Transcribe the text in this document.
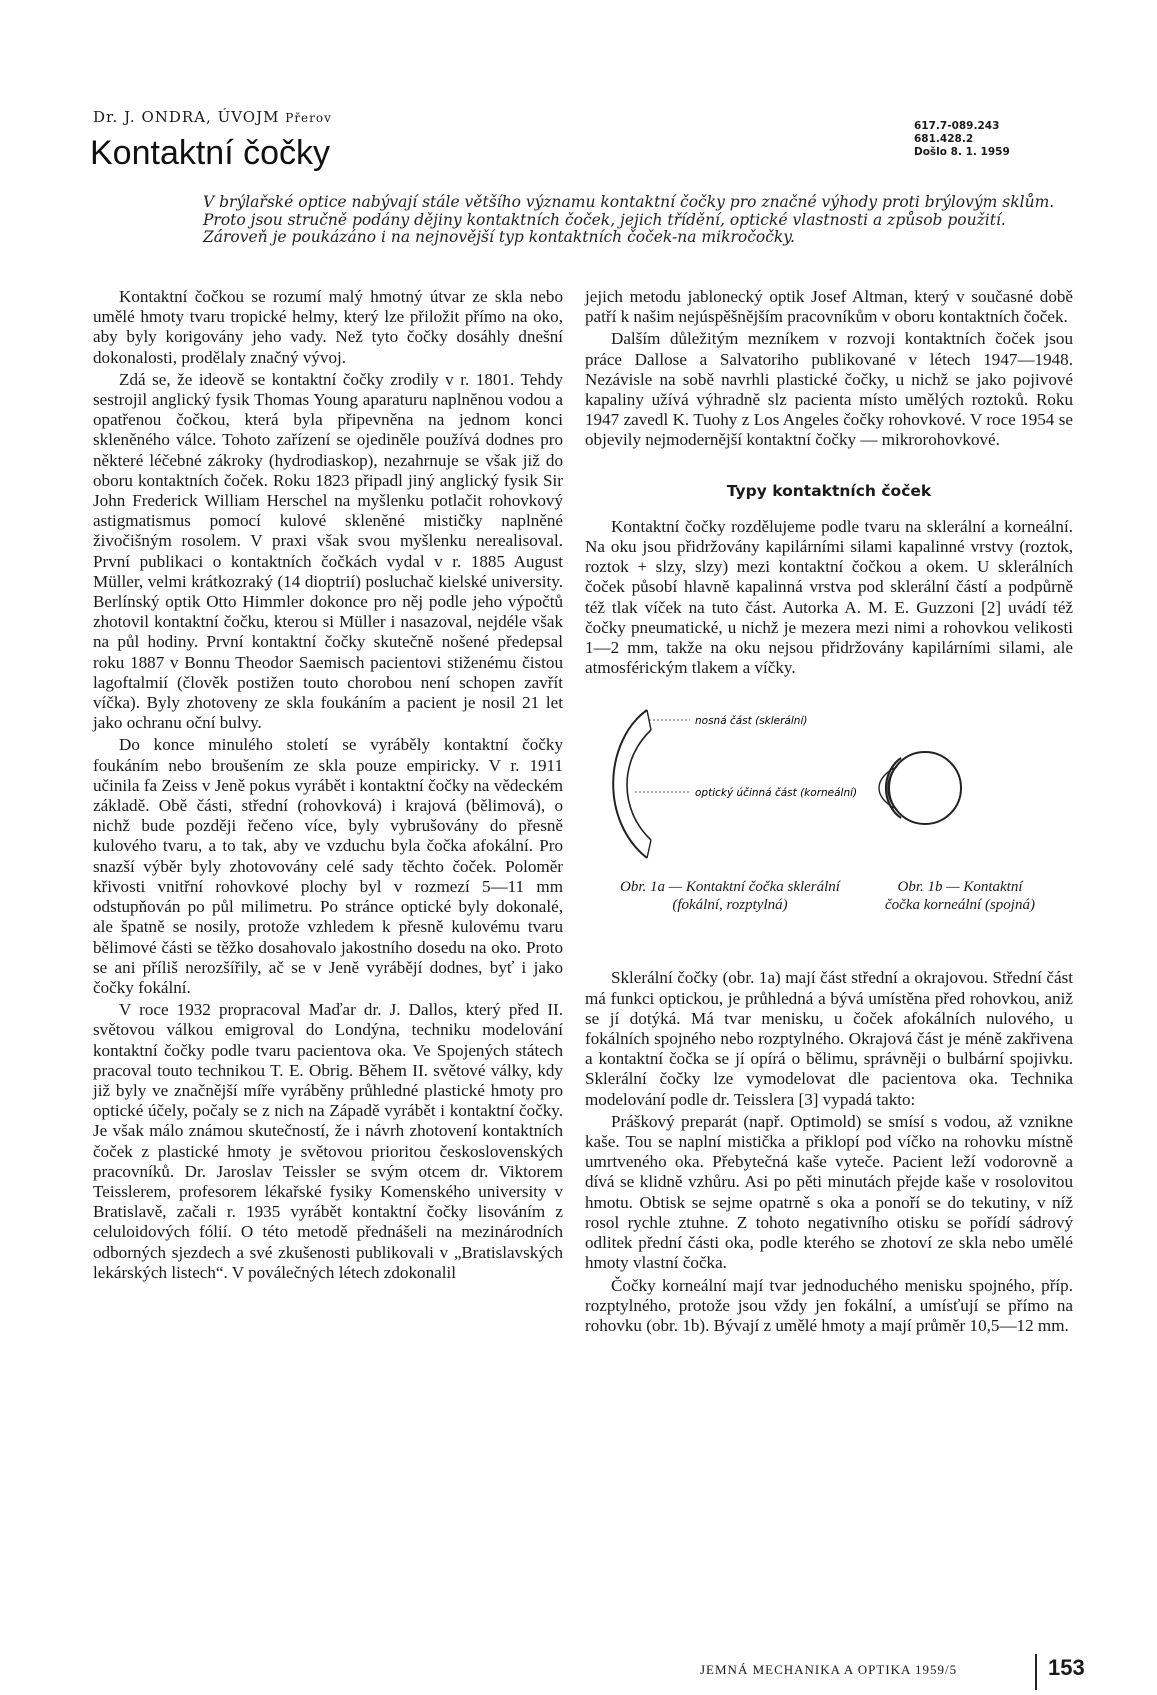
Dr. J. ONDRA, ÚVOJM Přerov
Kontaktní čočky
617.7-089.243
681.428.2
Došlo 8. 1. 1959
V brýlařské optice nabývají stále většího významu kontaktní čočky pro značné výhody proti brýlovým sklům. Proto jsou stručně podány dějiny kontaktních čoček, jejich třídění, optické vlastnosti a způsob použití. Zároveň je poukázáno i na nejnovější typ kontaktních čoček-na mikročočky.

Kontaktní čočkou se rozumí malý hmotný útvar ze skla nebo umělé hmoty tvaru tropické helmy, který lze přiložit přímo na oko, aby byly korigovány jeho vady. Než tyto čočky dosáhly dnešní dokonalosti, prodělaly značný vývoj.

Zdá se, že ideově se kontaktní čočky zrodily v r. 1801. Tehdy sestrojil anglický fysik Thomas Young aparaturu naplněnou vodou a opatřenou čočkou, která byla připevněna na jednom konci skleněného válce. Tohoto zařízení se ojediněle používá dodnes pro některé léčebné zákroky (hydrodiaskop), nezahrnuje se však již do oboru kontaktních čoček. Roku 1823 připadl jiný anglický fysik Sir John Frederick William Herschel na myšlenku potlačit rohovkový astigmatismus pomocí kulové skleněné mističky naplněné živočišným rosolem. V praxi však svou myšlenku nerealisoval. První publikaci o kontaktních čočkách vydal v r. 1885 August Müller, velmi krátkozraký (14 dioptrií) posluchač kielské university. Berlínský optik Otto Himmler dokonce pro něj podle jeho výpočtů zhotovil kontaktní čočku, kterou si Müller i nasazoval, nejdéle však na půl hodiny. První kontaktní čočky skutečně nošené předepsal roku 1887 v Bonnu Theodor Saemisch pacientovi stiženému čistou lagoftalmií (člověk postižen touto chorobou není schopen zavřít víčka). Byly zhotoveny ze skla foukáním a pacient je nosil 21 let jako ochranu oční bulvy.

Do konce minulého století se vyráběly kontaktní čočky foukáním nebo broušením ze skla pouze empiricky. V r. 1911 učinila fa Zeiss v Jeně pokus vyrábět i kontaktní čočky na vědeckém základě. Obě části, střední (rohovková) i krajová (bělimová), o nichž bude později řečeno více, byly vybrušovány do přesně kulového tvaru, a to tak, aby ve vzduchu byla čočka afokální. Pro snazší výběr byly zhotovovány celé sady těchto čoček. Poloměr křivosti vnitřní rohovkové plochy byl v rozmezí 5—11 mm odstupňován po půl milimetru. Po stránce optické byly dokonalé, ale špatně se nosily, protože vzhledem k přesně kulovému tvaru bělimové části se těžko dosahovalo jakostního dosedu na oko. Proto se ani příliš nerozšířily, ač se v Jeně vyrábějí dodnes, byť i jako čočky fokální.

V roce 1932 propracoval Maďar dr. J. Dallos, který před II. světovou válkou emigroval do Londýna, techniku modelování kontaktní čočky podle tvaru pacientova oka. Ve Spojených státech pracoval touto technikou T. E. Obrig. Během II. světové války, kdy již byly ve značnější míře vyráběny průhledné plastické hmoty pro optické účely, počaly se z nich na Západě vyrábět i kontaktní čočky. Je však málo známou skutečností, že i návrh zhotovení kontaktních čoček z plastické hmoty je světovou prioritou československých pracovníků. Dr. Jaroslav Teissler se svým otcem dr. Viktorem Teisslerem, profesorem lékařské fysiky Komenského university v Bratislavě, začali r. 1935 vyrábět kontaktní čočky lisováním z celuloidových fólií. O této metodě přednášeli na mezinárodních odborných sjezdech a své zkušenosti publikovali v „Bratislavských lekárských listech“. V poválečných létech zdokonalil

jejich metodu jablonecký optik Josef Altman, který v současné době patří k našim nejúspěšnějším pracovníkům v oboru kontaktních čoček.

Dalším důležitým mezníkem v rozvoji kontaktních čoček jsou práce Dallose a Salvatoriho publikované v létech 1947—1948. Nezávisle na sobě navrhli plastické čočky, u nichž se jako pojivové kapaliny užívá výhradně slz pacienta místo umělých roztoků. Roku 1947 zavedl K. Tuohy z Los Angeles čočky rohovkové. V roce 1954 se objevily nejmodernější kontaktní čočky — mikrorohovkové.

Typy kontaktních čoček

Kontaktní čočky rozdělujeme podle tvaru na sklerální a korneální. Na oku jsou přidržovány kapilárními silami kapalinné vrstvy (roztok, roztok + slzy, slzy) mezi kontaktní čočkou a okem. U sklerálních čoček působí hlavně kapalinná vrstva pod sklerální částí a podpůrně též tlak víček na tuto část. Autorka A. M. E. Guzzoni [2] uvádí též čočky pneumatické, u nichž je mezera mezi nimi a rohovkou velikosti 1—2 mm, takže na oku nejsou přidržovány kapilárními silami, ale atmosférickým tlakem a víčky.

nosná část (sklerální)
optický účinná část (korneální)
Obr. 1a — Kontaktní čočka sklerální (fokální, rozptylná)
Obr. 1b — Kontaktní čočka korneální (spojná)

Sklerální čočky (obr. 1a) mají část střední a okrajovou. Střední část má funkci optickou, je průhledná a bývá umístěna před rohovkou, aniž se jí dotýká. Má tvar menisku, u čoček afokálních nulového, u fokálních spojného nebo rozptylného. Okrajová část je méně zakřivena a kontaktní čočka se jí opírá o bělimu, správněji o bulbární spojivku. Sklerální čočky lze vymodelovat dle pacientova oka. Technika modelování podle dr. Teisslera [3] vypadá takto:

Práškový preparát (např. Optimold) se smísí s vodou, až vznikne kaše. Tou se naplní mistička a přiklopí pod víčko na rohovku místně umrtveného oka. Přebytečná kaše vyteče. Pacient leží vodorovně a dívá se klidně vzhůru. Asi po pěti minutách přejde kaše v rosolovitou hmotu. Obtisk se sejme opatrně s oka a ponoří se do tekutiny, v níž rosol rychle ztuhne. Z tohoto negativního otisku se pořídí sádrový odlitek přední části oka, podle kterého se zhotoví ze skla nebo umělé hmoty vlastní čočka.

Čočky korneální mají tvar jednoduchého menisku spojného, příp. rozptylného, protože jsou vždy jen fokální, a umísťují se přímo na rohovku (obr. 1b). Bývají z umělé hmoty a mají průměr 10,5—12 mm.

JEMNÁ MECHANIKA A OPTIKA 1959/5	153
